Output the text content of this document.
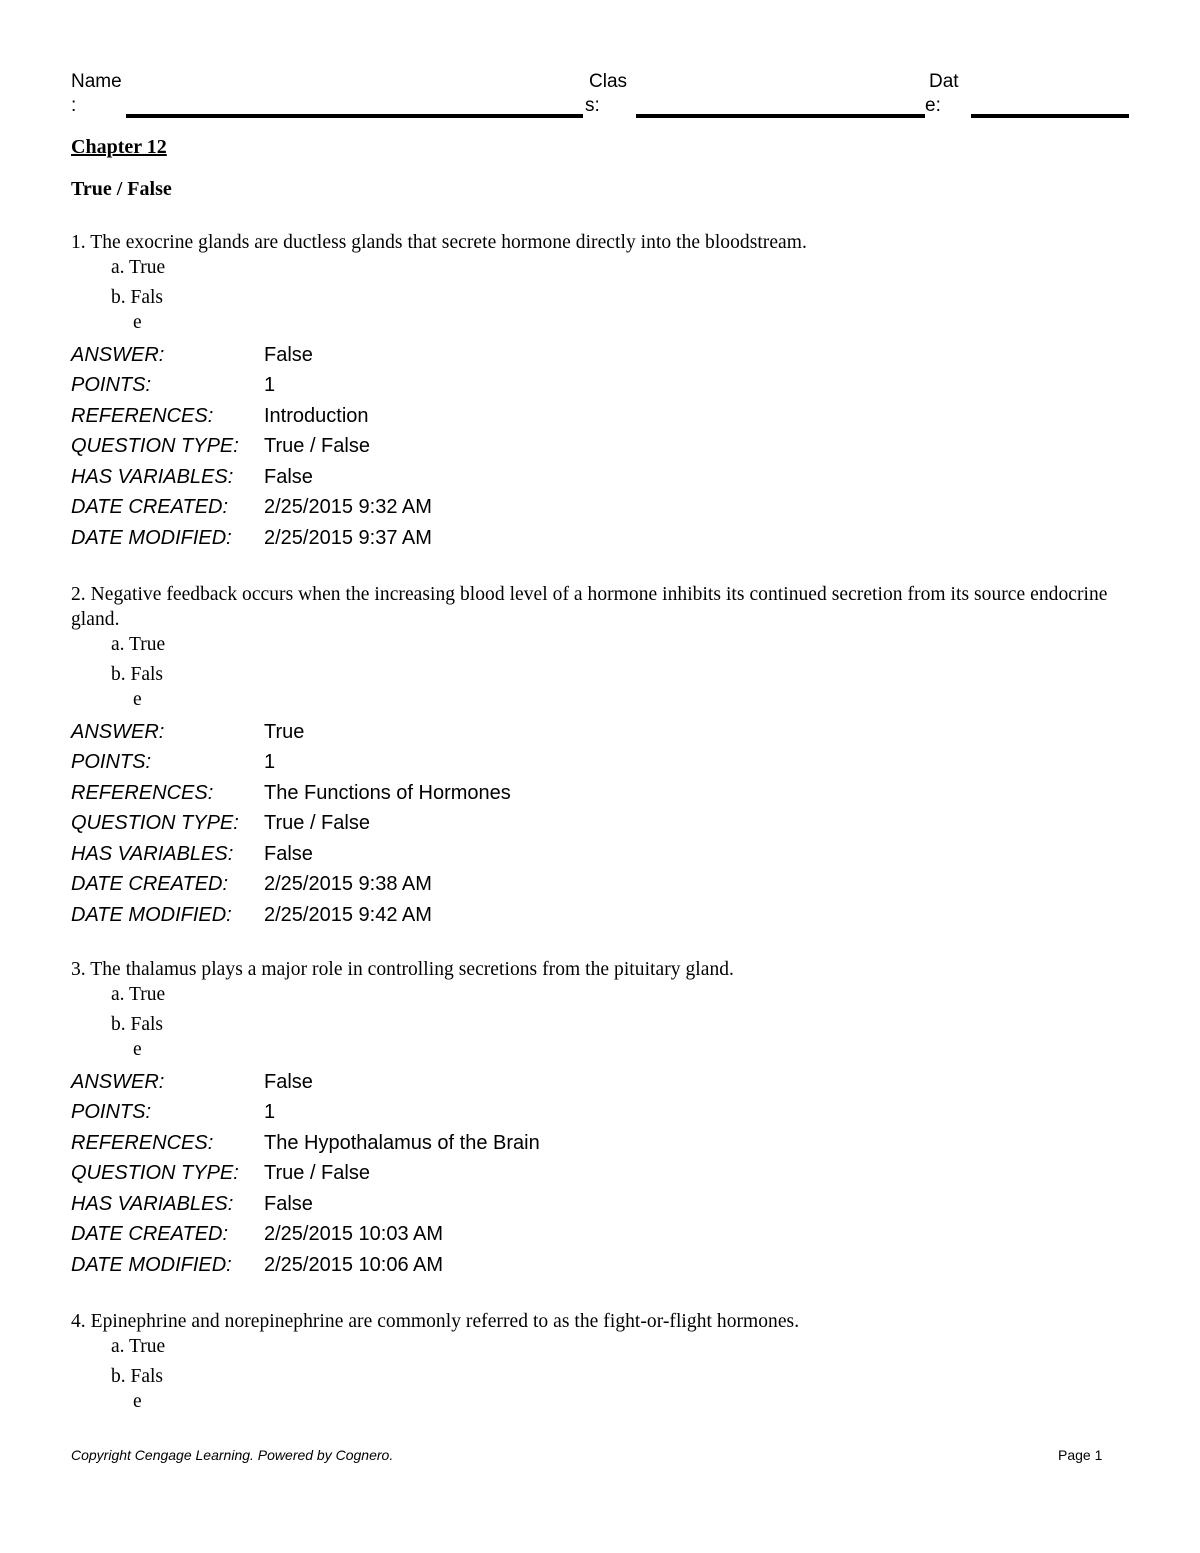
Name
:
Clas
s:
Dat
e:
Chapter 12
True / False
1. The exocrine glands are ductless glands that secrete hormone directly into the bloodstream.
a. True
b. Fals
e
ANSWER:	False
POINTS:	1
REFERENCES:	Introduction
QUESTION TYPE:	True / False
HAS VARIABLES:	False
DATE CREATED:	2/25/2015 9:32 AM
DATE MODIFIED:	2/25/2015 9:37 AM
2. Negative feedback occurs when the increasing blood level of a hormone inhibits its continued secretion from its source endocrine gland.
a. True
b. Fals
e
ANSWER:	True
POINTS:	1
REFERENCES:	The Functions of Hormones
QUESTION TYPE:	True / False
HAS VARIABLES:	False
DATE CREATED:	2/25/2015 9:38 AM
DATE MODIFIED:	2/25/2015 9:42 AM
3. The thalamus plays a major role in controlling secretions from the pituitary gland.
a. True
b. Fals
e
ANSWER:	False
POINTS:	1
REFERENCES:	The Hypothalamus of the Brain
QUESTION TYPE:	True / False
HAS VARIABLES:	False
DATE CREATED:	2/25/2015 10:03 AM
DATE MODIFIED:	2/25/2015 10:06 AM
4. Epinephrine and norepinephrine are commonly referred to as the fight-or-flight hormones.
a. True
b. Fals
e
Copyright Cengage Learning. Powered by Cognero.	Page 1
